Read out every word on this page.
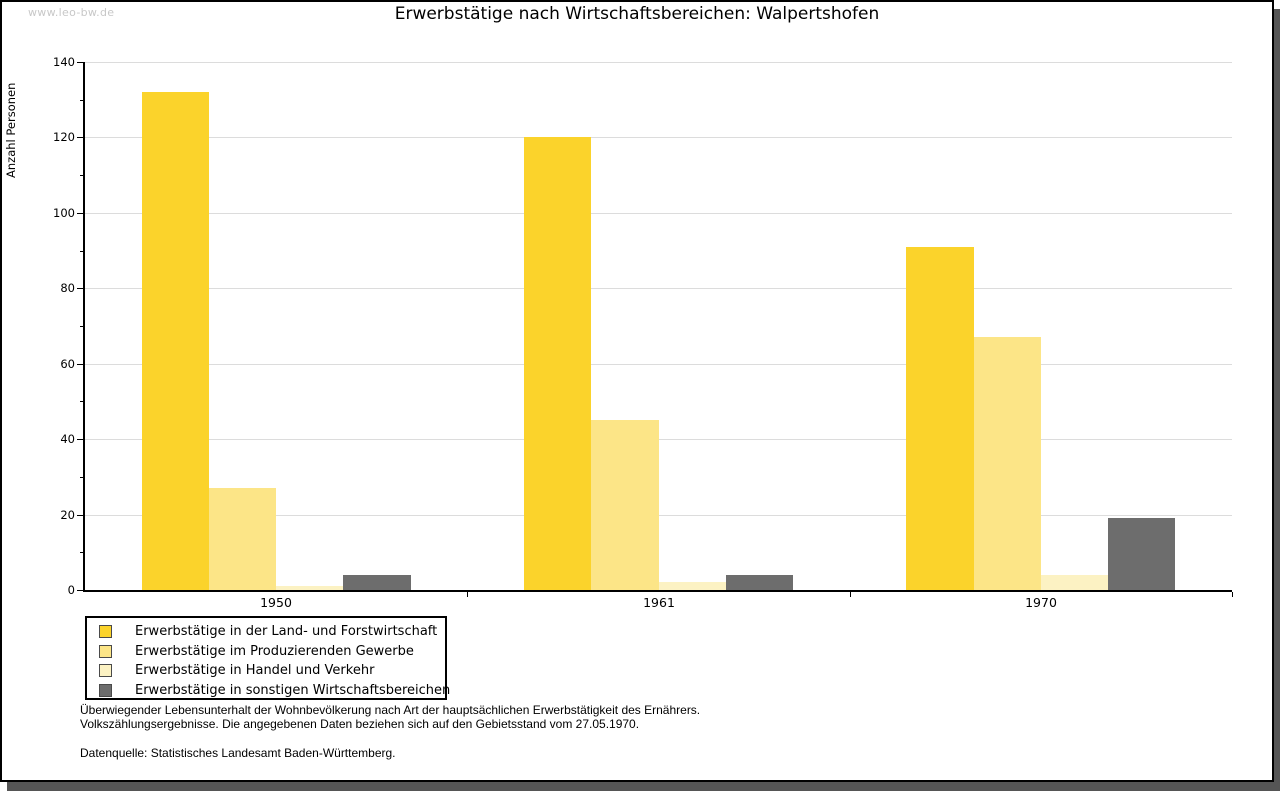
www.leo-bw.de	Erwerbstätige nach Wirtschaftsbereichen: Walpertshofen
Anzahl Personen
0
20
40
60
80
100
120
140
1950	1961	1970
Erwerbstätige in der Land- und Forstwirtschaft
Erwerbstätige im Produzierenden Gewerbe
Erwerbstätige in Handel und Verkehr
Erwerbstätige in sonstigen Wirtschaftsbereichen
Überwiegender Lebensunterhalt der Wohnbevölkerung nach Art der hauptsächlichen Erwerbstätigkeit des Ernährers.
Volkszählungsergebnisse. Die angegebenen Daten beziehen sich auf den Gebietsstand vom 27.05.1970.
Datenquelle: Statistisches Landesamt Baden-Württemberg.
